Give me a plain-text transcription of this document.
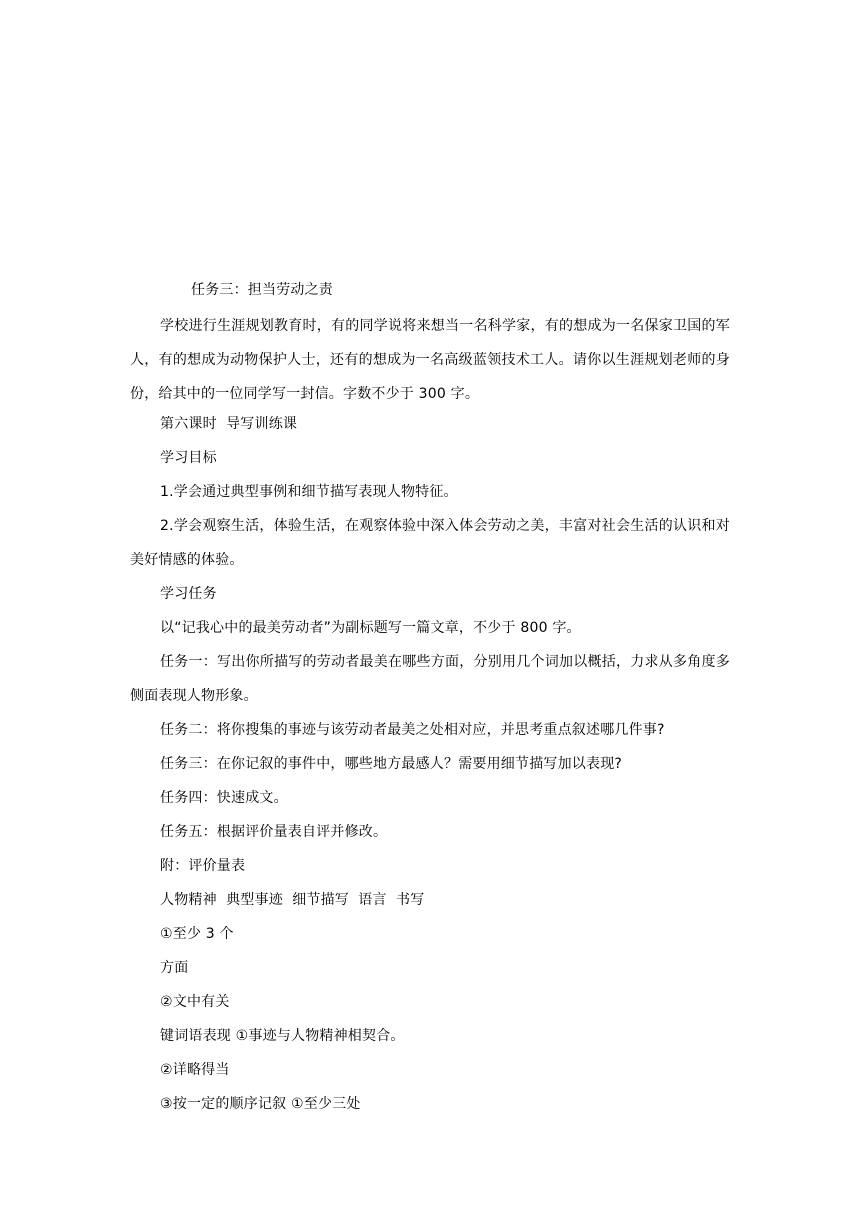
任务三：担当劳动之责
学校进行生涯规划教育时，有的同学说将来想当一名科学家，有的想成为一名保家卫国的军人，有的想成为动物保护人士，还有的想成为一名高级蓝领技术工人。请你以生涯规划老师的身份，给其中的一位同学写一封信。字数不少于 300 字。
第六课时  导写训练课
学习目标
1.学会通过典型事例和细节描写表现人物特征。
2.学会观察生活，体验生活，在观察体验中深入体会劳动之美，丰富对社会生活的认识和对美好情感的体验。
学习任务
以“记我心中的最美劳动者”为副标题写一篇文章，不少于 800 字。
任务一：写出你所描写的劳动者最美在哪些方面，分别用几个词加以概括，力求从多角度多侧面表现人物形象。
任务二：将你搜集的事迹与该劳动者最美之处相对应，并思考重点叙述哪几件事?
任务三：在你记叙的事件中，哪些地方最感人？需要用细节描写加以表现?
任务四：快速成文。
任务五：根据评价量表自评并修改。
附：评价量表
人物精神  典型事迹  细节描写  语言  书写
①至少 3 个
方面
②文中有关
键词语表现 ①事迹与人物精神相契合。
②详略得当
③按一定的顺序记叙 ①至少三处
